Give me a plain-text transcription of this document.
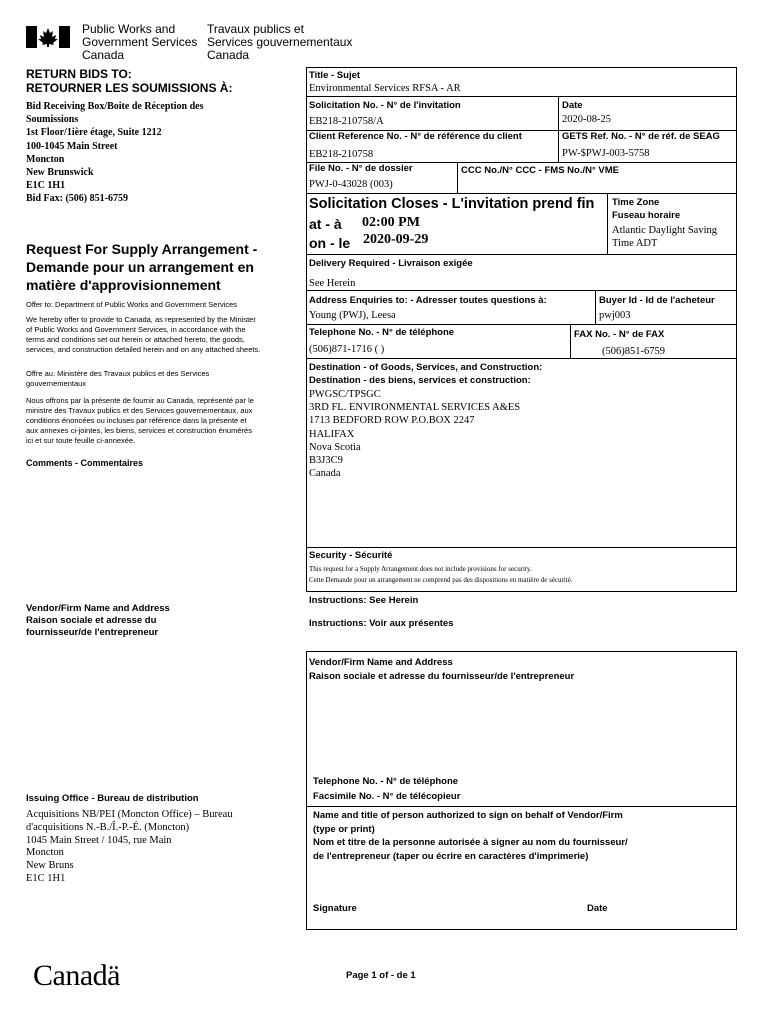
Public Works and
Government Services
Canada
Travaux publics et
Services gouvernementaux
Canada
RETURN BIDS TO:
RETOURNER LES SOUMISSIONS À:
Bid Receiving Box/Boite de Réception des
Soumissions
1st Floor/1ière étage, Suite 1212
100-1045 Main Street
Moncton
New Brunswick
E1C 1H1
Bid Fax: (506) 851-6759
Request For Supply Arrangement -
Demande pour un arrangement en
matière d'approvisionnement
Offer to: Department of Public Works and Government Services
We hereby offer to provide to Canada, as represented by the Minister
of Public Works and Government Services, in accordance with the
terms and conditions set out herein or attached hereto, the goods,
services, and construction detailed herein and on any attached sheets.
Offre au: Ministère des Travaux publics et des Services
gouvernementaux
Nous offrons par la présente de fournir au Canada, représenté par le
ministre des Travaux publics et des Services gouvernementaux, aux
conditions énoncées ou incluses par référence dans la présente et
aux annexes ci-jointes, les biens, services et construction énumérés
ici et sur toute feuille ci-annexée.
Comments - Commentaires
Vendor/Firm Name and Address
Raison sociale et adresse du
fournisseur/de l'entrepreneur
Issuing Office - Bureau de distribution
Acquisitions NB/PEI (Moncton Office) – Bureau
d'acquisitions N.-B./Î.-P.-É. (Moncton)
1045 Main Street / 1045, rue Main
Moncton
New Bruns
E1C 1H1
Title - Sujet
Environmental Services RFSA - AR
Solicitation No. - N° de l'invitation
EB218-210758/A
Date
2020-08-25
Client Reference No. - N° de référence du client
EB218-210758
GETS Ref. No. - N° de réf. de SEAG
PW-$PWJ-003-5758
File No. - N° de dossier
PWJ-0-43028 (003)
CCC No./N° CCC - FMS No./N° VME
Solicitation Closes - L'invitation prend fin
at - à 02:00 PM
on - le 2020-09-29
Time Zone
Fuseau horaire
Atlantic Daylight Saving
Time ADT
Delivery Required - Livraison exigée
See Herein
Address Enquiries to: - Adresser toutes questions à:
Young (PWJ), Leesa
Buyer Id - Id de l'acheteur
pwj003
Telephone No. - N° de téléphone
(506)871-1716 ( )
FAX No. - N° de FAX
(506)851-6759
Destination - of Goods, Services, and Construction:
Destination - des biens, services et construction:
PWGSC/TPSGC
3RD FL. ENVIRONMENTAL SERVICES A&ES
1713 BEDFORD ROW P.O.BOX 2247
HALIFAX
Nova Scotia
B3J3C9
Canada
Security - Sécurité
This request for a Supply Arrangement does not include provisions for security.
Cette Demande pour un arrangement ne comprend pas des dispositions en matière de sécurité.
Instructions: See Herein
Instructions: Voir aux présentes
Vendor/Firm Name and Address
Raison sociale et adresse du fournisseur/de l'entrepreneur
Telephone No. - N° de téléphone
Facsimile No. - N° de télécopieur
Name and title of person authorized to sign on behalf of Vendor/Firm
(type or print)
Nom et titre de la personne autorisée à signer au nom du fournisseur/
de l'entrepreneur (taper ou écrire en caractères d'imprimerie)
Signature	Date
Canadä	Page 1 of - de 1
